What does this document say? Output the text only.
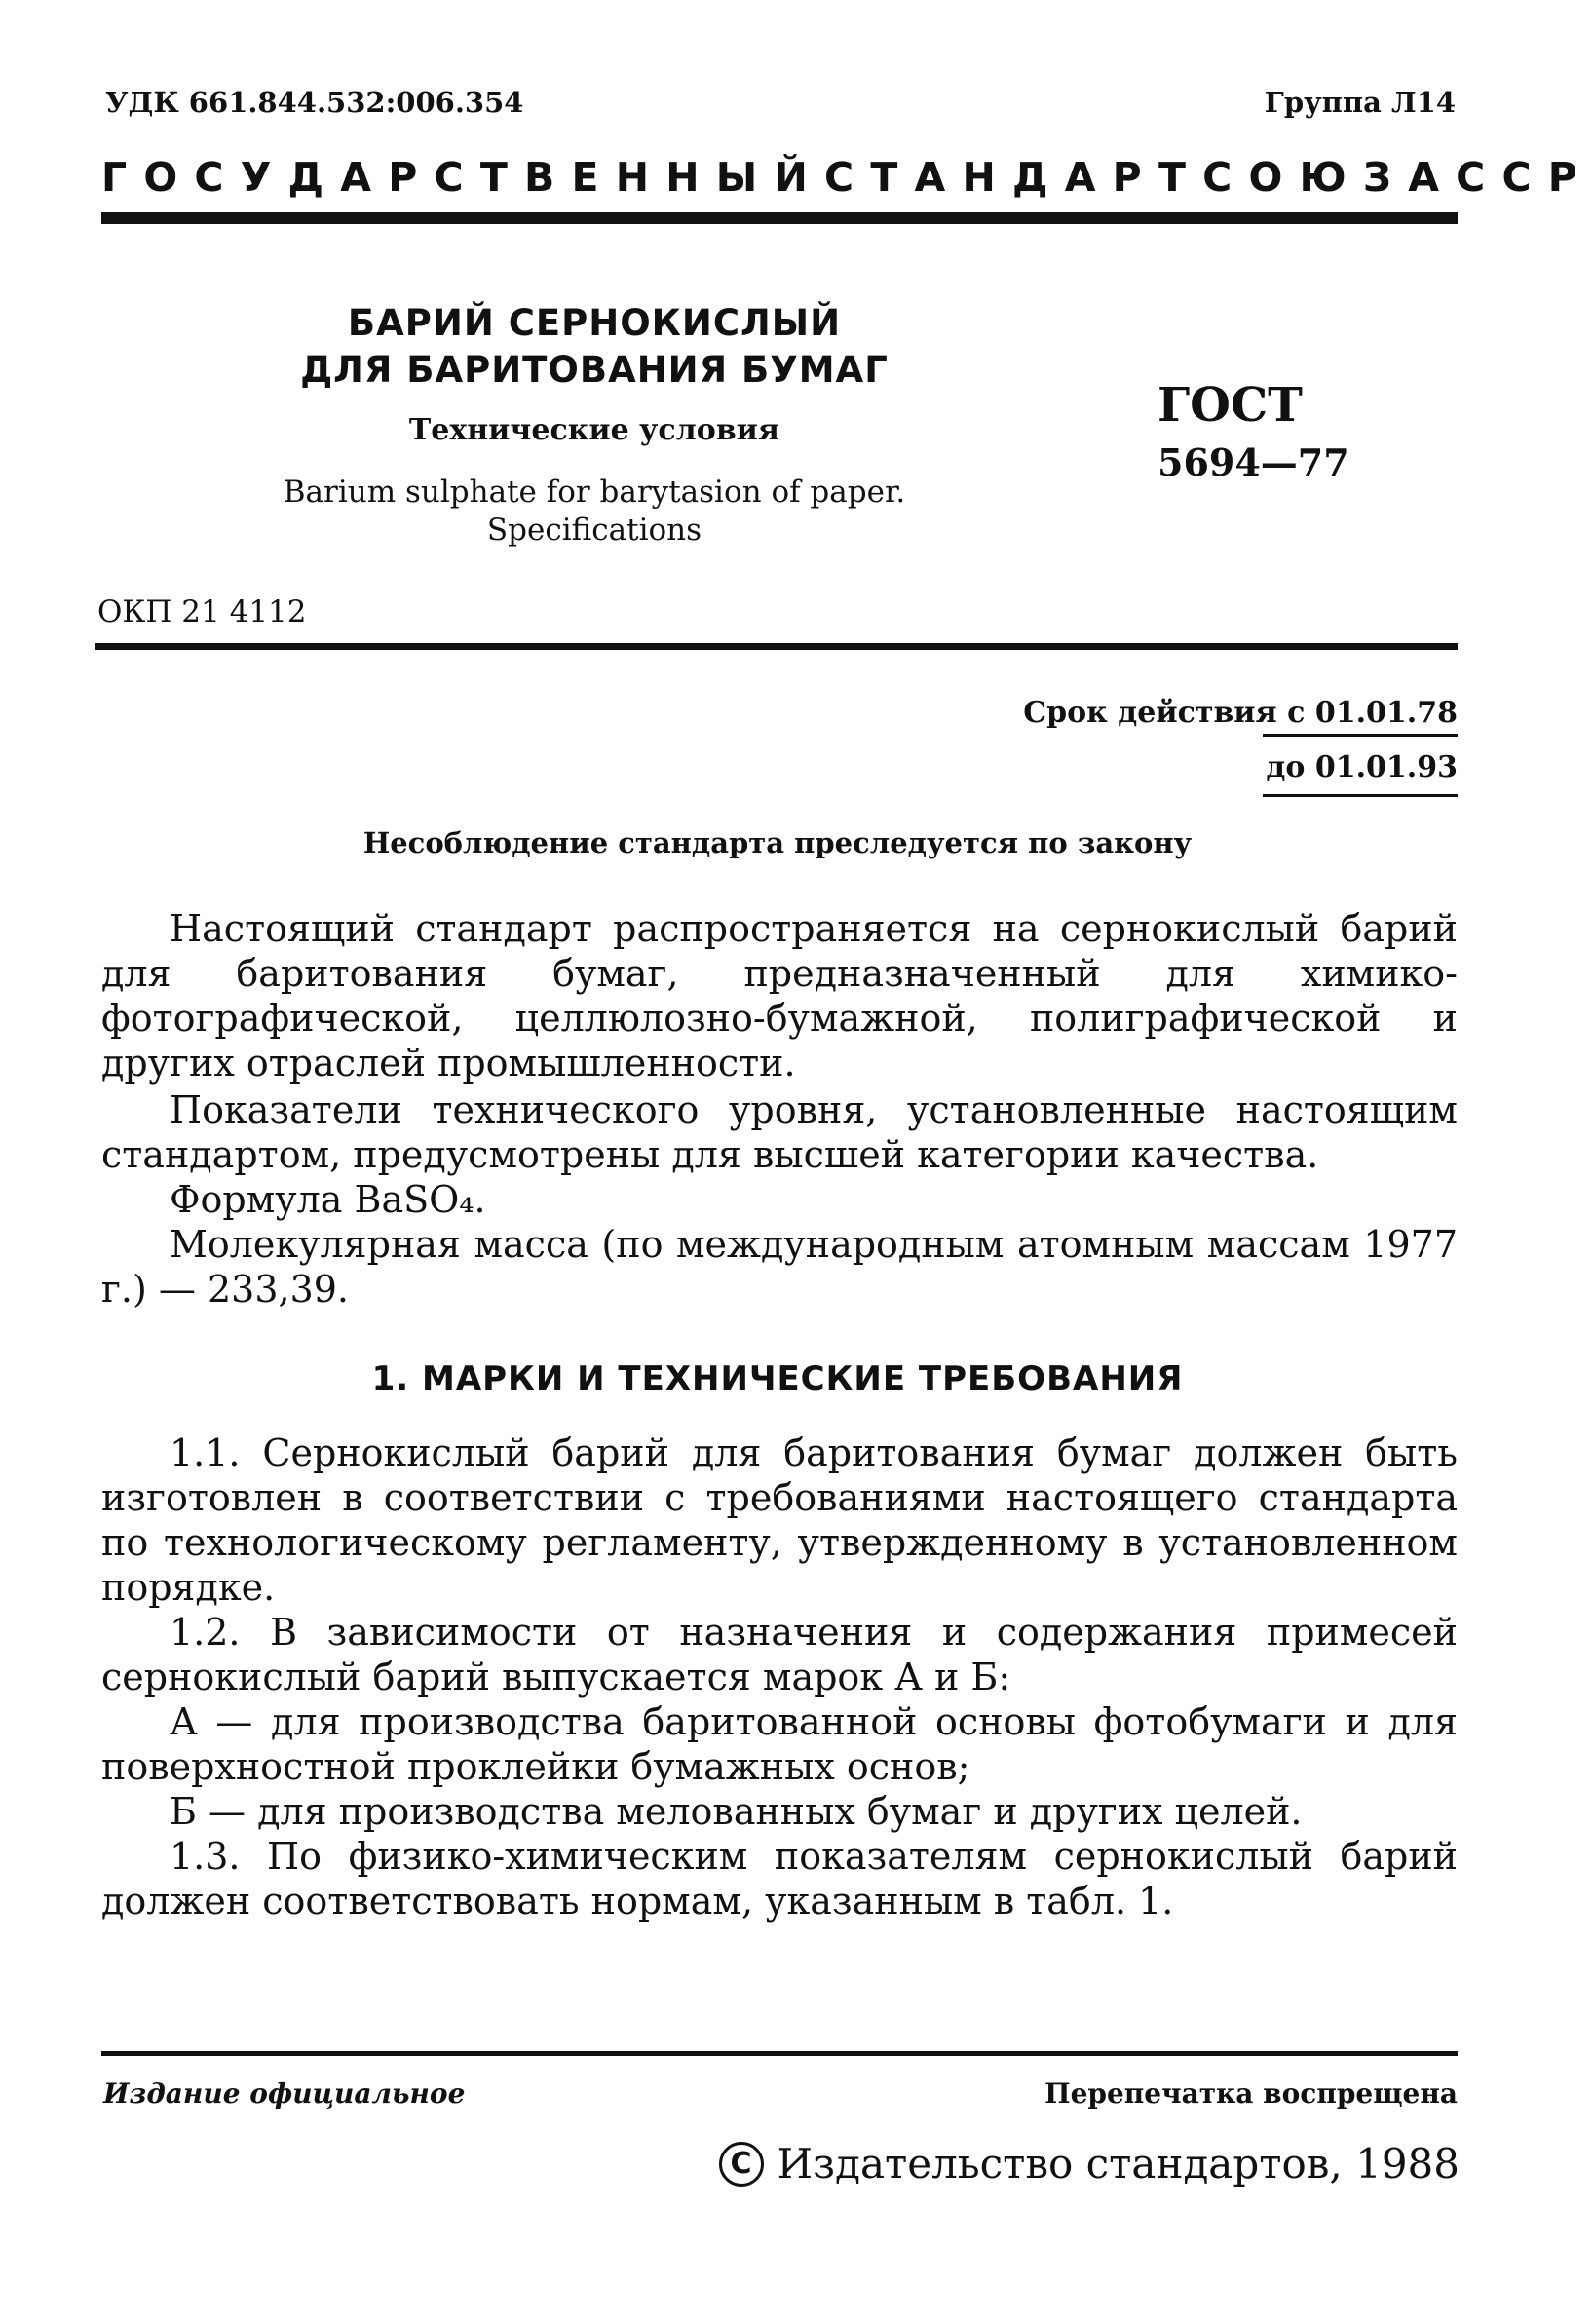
УДК 661.844.532:006.354	Группа Л14
ГОСУДАРСТВЕННЫЙ СТАНДАРТ СОЮЗА ССР
БАРИЙ СЕРНОКИСЛЫЙ
ДЛЯ БАРИТОВАНИЯ БУМАГ
Технические условия
Barium sulphate for barytasion of paper.
Specifications
ГОСТ
5694—77
ОКП 21 4112
Срок действия с 01.01.78
до 01.01.93
Несоблюдение стандарта преследуется по закону

Настоящий стандарт распространяется на сернокислый барий для баритования бумаг, предназначенный для химико-фотографической, целлюлозно-бумажной, полиграфической и других отраслей промышленности.

Показатели технического уровня, установленные настоящим стандартом, предусмотрены для высшей категории качества.

Формула BaSO₄.

Молекулярная масса (по международным атомным массам 1977 г.) — 233,39.

1. МАРКИ И ТЕХНИЧЕСКИЕ ТРЕБОВАНИЯ

1.1. Сернокислый барий для баритования бумаг должен быть изготовлен в соответствии с требованиями настоящего стандарта по технологическому регламенту, утвержденному в установленном порядке.

1.2. В зависимости от назначения и содержания примесей сернокислый барий выпускается марок А и Б:

А — для производства баритованной основы фотобумаги и для поверхностной проклейки бумажных основ;

Б — для производства мелованных бумаг и других целей.

1.3. По физико-химическим показателям сернокислый барий должен соответствовать нормам, указанным в табл. 1.

Издание официальное	Перепечатка воспрещена
C Издательство стандартов, 1988
